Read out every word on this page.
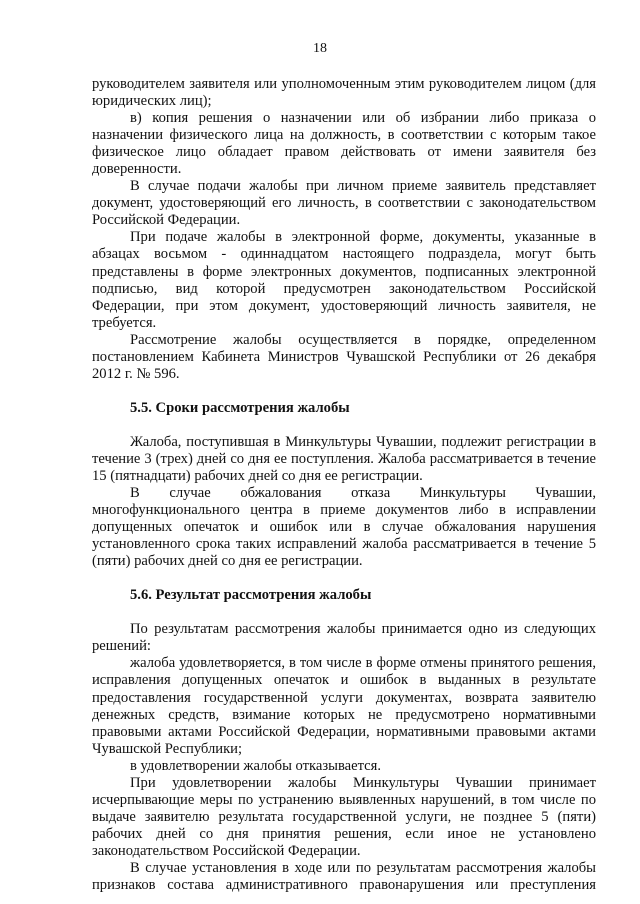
18

руководителем заявителя или уполномоченным этим руководителем лицом (для юридических лиц);

в) копия решения о назначении или об избрании либо приказа о назначении физического лица на должность, в соответствии с которым такое физическое лицо обладает правом действовать от имени заявителя без доверенности.

В случае подачи жалобы при личном приеме заявитель представляет документ, удостоверяющий его личность, в соответствии с законодательством Российской Федерации.

При подаче жалобы в электронной форме, документы, указанные в абзацах восьмом - одиннадцатом настоящего подраздела, могут быть представлены в форме электронных документов, подписанных электронной подписью, вид которой предусмотрен законодательством Российской Федерации, при этом документ, удостоверяющий личность заявителя, не требуется.

Рассмотрение жалобы осуществляется в порядке, определенном постановлением Кабинета Министров Чувашской Республики от 26 декабря 2012 г. № 596.

5.5. Сроки рассмотрения жалобы

Жалоба, поступившая в Минкультуры Чувашии, подлежит регистрации в течение 3 (трех) дней со дня ее поступления. Жалоба рассматривается в течение 15 (пятнадцати) рабочих дней со дня ее регистрации.

В случае обжалования отказа Минкультуры Чувашии, многофункционального центра в приеме документов либо в исправлении допущенных опечаток и ошибок или в случае обжалования нарушения установленного срока таких исправлений жалоба рассматривается в течение 5 (пяти) рабочих дней со дня ее регистрации.

5.6. Результат рассмотрения жалобы

По результатам рассмотрения жалобы принимается одно из следующих решений:

жалоба удовлетворяется, в том числе в форме отмены принятого решения, исправления допущенных опечаток и ошибок в выданных в результате предоставления государственной услуги документах, возврата заявителю денежных средств, взимание которых не предусмотрено нормативными правовыми актами Российской Федерации, нормативными правовыми актами Чувашской Республики;

в удовлетворении жалобы отказывается.

При удовлетворении жалобы Минкультуры Чувашии принимает исчерпывающие меры по устранению выявленных нарушений, в том числе по выдаче заявителю результата государственной услуги, не позднее 5 (пяти) рабочих дней со дня принятия решения, если иное не установлено законодательством Российской Федерации.

В случае установления в ходе или по результатам рассмотрения жалобы признаков состава административного правонарушения или преступления
